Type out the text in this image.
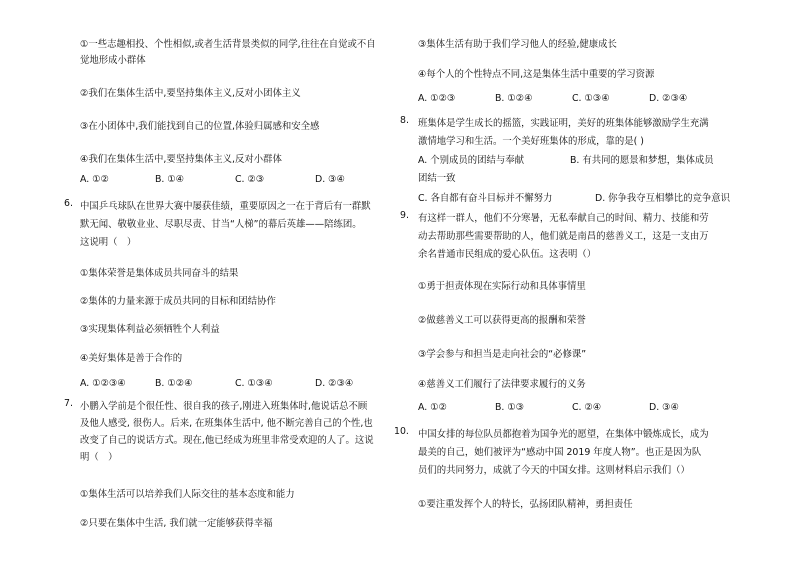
①一些志趣相投、个性相似,或者生活背景类似的同学,往往在自觉或不自
觉地形成小群体
②我们在集体生活中,要坚持集体主义,反对小团体主义
③在小团体中,我们能找到自己的位置,体验归属感和安全感
④我们在集体生活中,要坚持集体主义,反对小群体
A. ①②	B. ①④	C. ②③	D. ③④
6. 中国乒乓球队在世界大赛中屡获佳绩，重要原因之一在于背后有一群默
默无闻、敬敬业业、尽职尽责、甘当“人梯”的幕后英雄——陪练团。
这说明（　）
①集体荣誉是集体成员共同奋斗的结果
②集体的力量来源于成员共同的目标和团结协作
③实现集体利益必须牺牲个人利益
④美好集体是善于合作的
A. ①②③④	B. ①②④	C. ①③④	D. ②③④
7. 小鹏入学前是个很任性、很自我的孩子,刚进入班集体时,他说话总不顾
及他人感受, 很伤人。后来, 在班集体生活中, 他不断完善自己的个性,也
改变了自己的说话方式。现在,他已经成为班里非常受欢迎的人了。这说
明（　）
①集体生活可以培养我们人际交往的基本态度和能力
②只要在集体中生活, 我们就一定能够获得幸福
③集体生活有助于我们学习他人的经验,健康成长
④每个人的个性特点不同,这是集体生活中重要的学习资源
A. ①②③	B. ①②④	C. ①③④	D. ②③④
8. 班集体是学生成长的摇篮，实践证明，美好的班集体能够激励学生充满
激情地学习和生活。一个美好班集体的形成，靠的是( )
A. 个别成员的团结与奉献	B. 有共同的愿景和梦想，集体成员
团结一致
C. 各自都有奋斗目标并不懈努力	D. 你争我夺互相攀比的竞争意识
9. 有这样一群人，他们不分寒暑，无私奉献自己的时间、精力、技能和劳
动去帮助那些需要帮助的人，他们就是南昌的慈善义工，这是一支由万
余名普通市民组成的爱心队伍。这表明（）
①勇于担责体现在实际行动和具体事情里
②做慈善义工可以获得更高的报酬和荣誉
③学会参与和担当是走向社会的“必修课”
④慈善义工们履行了法律要求履行的义务
A. ①②	B. ①③	C. ②④	D. ③④
10. 中国女排的每位队员都抱着为国争光的愿望，在集体中锻炼成长，成为
最美的自己，她们被评为“感动中国 2019 年度人物”。也正是因为队
员们的共同努力，成就了今天的中国女排。这则材料启示我们（）
①要注重发挥个人的特长，弘扬团队精神，勇担责任
